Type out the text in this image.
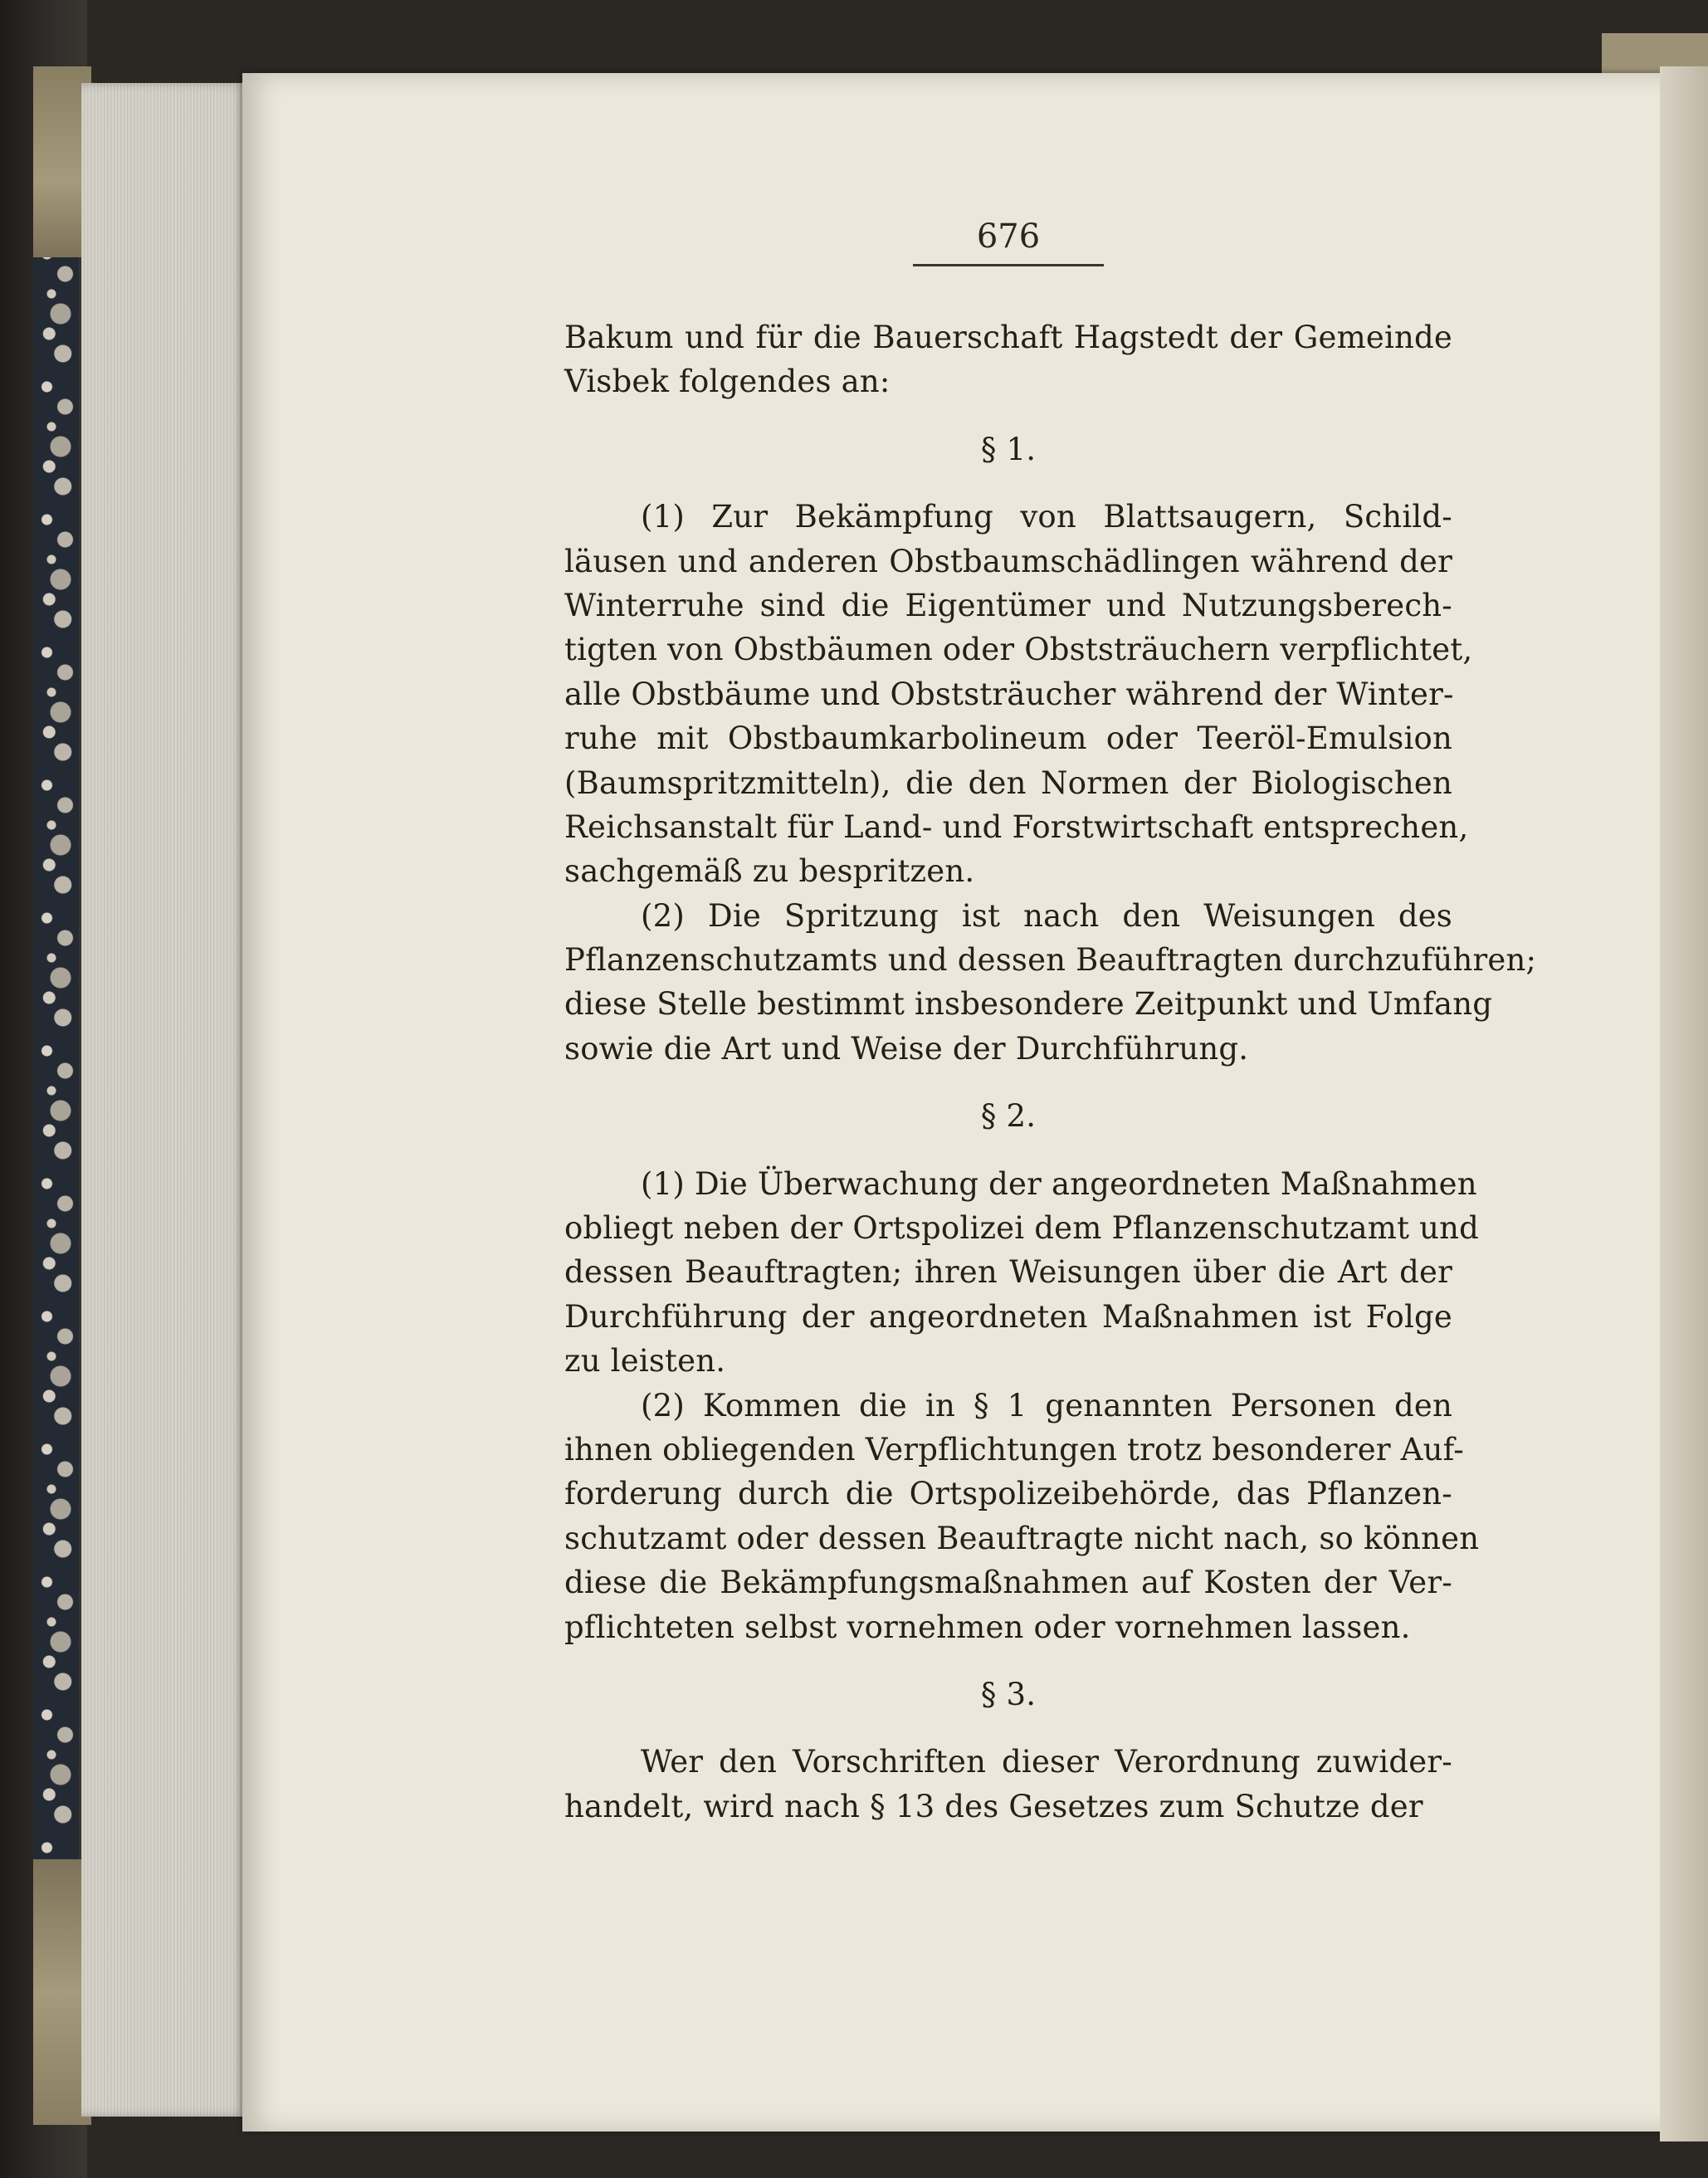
676
Bakum und für die Bauerschaft Hagstedt der Gemeinde
Visbek folgendes an:
§ 1.
(1) Zur Bekämpfung von Blattsaugern, Schild-
läusen und anderen Obstbaumschädlingen während der
Winterruhe sind die Eigentümer und Nutzungsberech-
tigten von Obstbäumen oder Obststräuchern verpflichtet,
alle Obstbäume und Obststräucher während der Winter-
ruhe mit Obstbaumkarbolineum oder Teeröl-Emulsion
(Baumspritzmitteln), die den Normen der Biologischen
Reichsanstalt für Land- und Forstwirtschaft entsprechen,
sachgemäß zu bespritzen.
(2) Die Spritzung ist nach den Weisungen des
Pflanzenschutzamts und dessen Beauftragten durchzuführen;
diese Stelle bestimmt insbesondere Zeitpunkt und Umfang
sowie die Art und Weise der Durchführung.
§ 2.
(1) Die Überwachung der angeordneten Maßnahmen
obliegt neben der Ortspolizei dem Pflanzenschutzamt und
dessen Beauftragten; ihren Weisungen über die Art der
Durchführung der angeordneten Maßnahmen ist Folge
zu leisten.
(2) Kommen die in § 1 genannten Personen den
ihnen obliegenden Verpflichtungen trotz besonderer Auf-
forderung durch die Ortspolizeibehörde, das Pflanzen-
schutzamt oder dessen Beauftragte nicht nach, so können
diese die Bekämpfungsmaßnahmen auf Kosten der Ver-
pflichteten selbst vornehmen oder vornehmen lassen.
§ 3.
Wer den Vorschriften dieser Verordnung zuwider-
handelt, wird nach § 13 des Gesetzes zum Schutze der
